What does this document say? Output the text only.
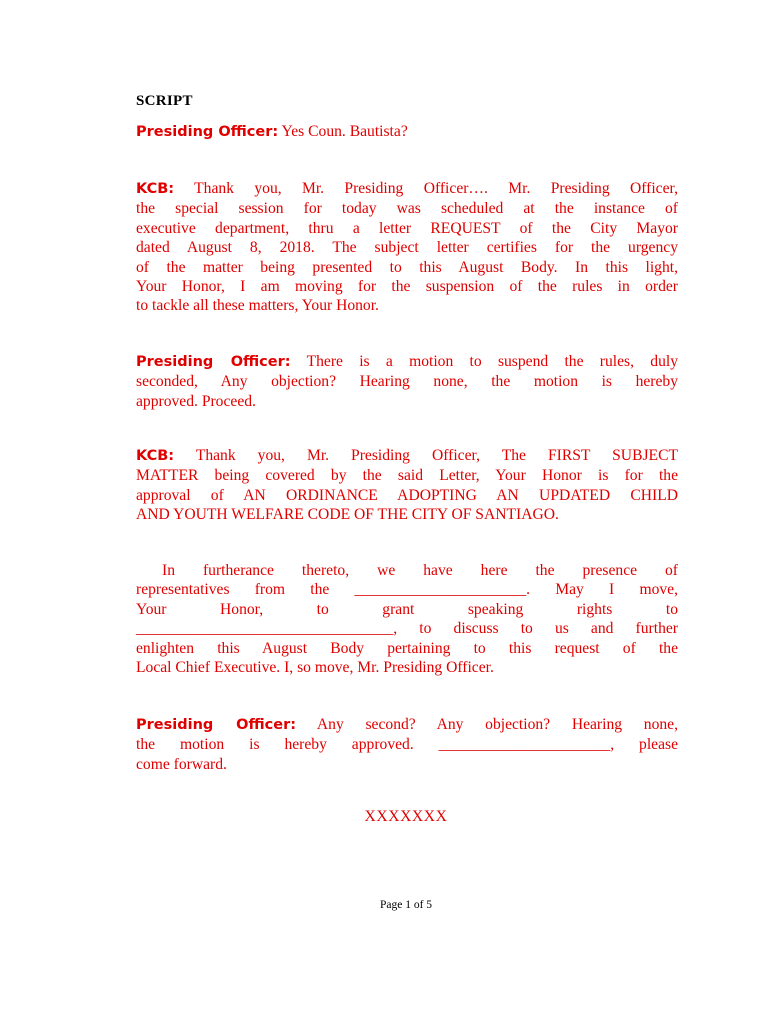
SCRIPT
Presiding Officer: Yes Coun. Bautista?
KCB: Thank you, Mr. Presiding Officer…. Mr. Presiding Officer,
the special session for today was scheduled at the instance of
executive department, thru a letter REQUEST of the City Mayor
dated August 8, 2018. The subject letter certifies for the urgency
of the matter being presented to this August Body. In this light,
Your Honor, I am moving for the suspension of the rules in order
to tackle all these matters, Your Honor.
Presiding Officer: There is a motion to suspend the rules, duly
seconded, Any objection? Hearing none, the motion is hereby
approved. Proceed.
KCB: Thank you, Mr. Presiding Officer, The FIRST SUBJECT
MATTER being covered by the said Letter, Your Honor is for the
approval of AN ORDINANCE ADOPTING AN UPDATED CHILD
AND YOUTH WELFARE CODE OF THE CITY OF SANTIAGO.
In furtherance thereto, we have here the presence of
representatives from the ______________________. May I move,
Your Honor, to grant speaking rights to
_________________________________, to discuss to us and further
enlighten this August Body pertaining to this request of the
Local Chief Executive. I, so move, Mr. Presiding Officer.
Presiding Officer: Any second? Any objection? Hearing none,
the motion is hereby approved. ______________________, please
come forward.
XXXXXXX
Page 1 of 5
